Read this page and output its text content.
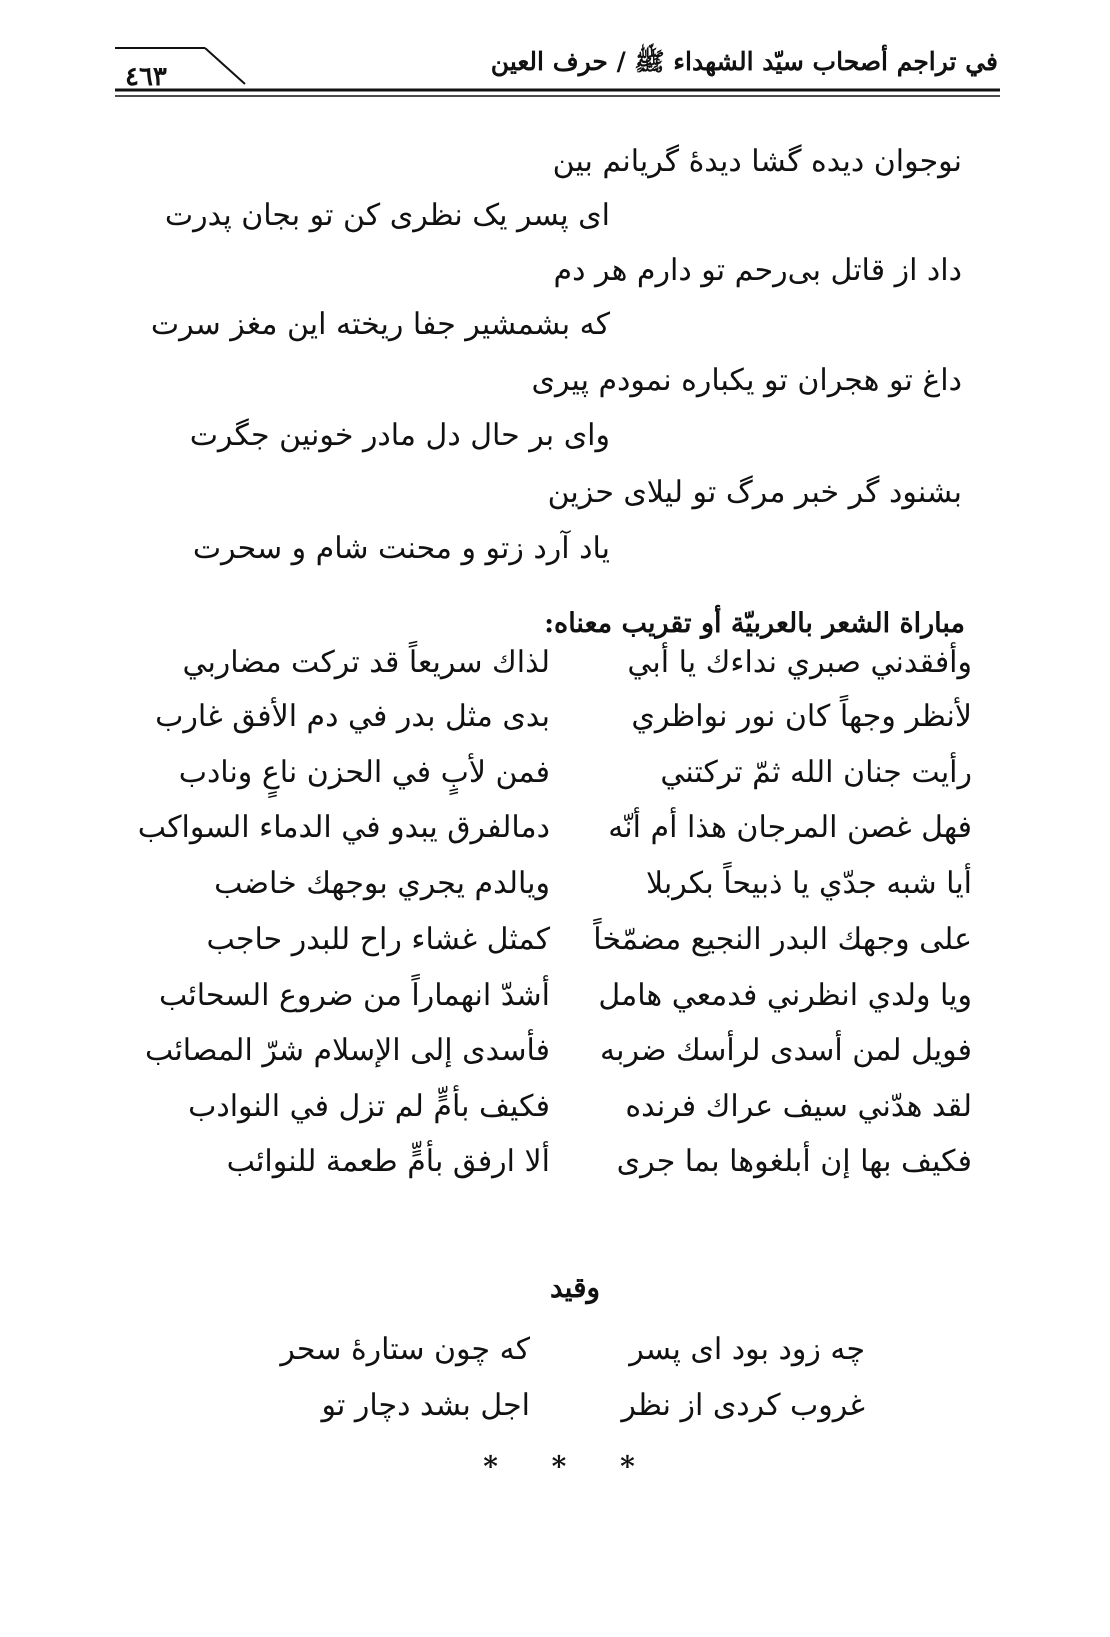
في تراجم أصحاب سيّد الشهداء ﷺ / حرف العين
٤٦٣
نوجوان دیده گشا دیدهٔ گریانم بین
ای پسر یک نظری کن تو بجان پدرت
داد از قاتل بی‌رحم تو دارم هر دم
که بشمشیر جفا ریخته این مغز سرت
داغ تو هجران تو یکباره نمودم پیری
وای بر حال دل مادر خونین جگرت
بشنود گر خبر مرگ تو لیلای حزین
یاد آرد زتو و محنت شام و سحرت
مباراة الشعر بالعربيّة أو تقريب معناه:
وأفقدني صبري نداءك يا أبي
لذاك سريعاً قد تركت مضاربي
لأنظر وجهاً كان نور نواظري
بدى مثل بدر في دم الأفق غارب
رأيت جنان الله ثمّ تركتني
فمن لأبٍ في الحزن ناعٍ ونادب
فهل غصن المرجان هذا أم أنّه
دمالفرق يبدو في الدماء السواكب
أيا شبه جدّي يا ذبيحاً بكربلا
ويالدم يجري بوجهك خاضب
على وجهك البدر النجيع مضمّخاً
كمثل غشاء راح للبدر حاجب
ويا ولدي انظرني فدمعي هامل
أشدّ انهماراً من ضروع السحائب
فويل لمن أسدى لرأسك ضربه
فأسدى إلى الإسلام شرّ المصائب
لقد هدّني سيف عراك فرنده
فكيف بأمٍّ لم تزل في النوادب
فكيف بها إن أبلغوها بما جرى
ألا ارفق بأمٍّ طعمة للنوائب
وقيد
چه زود بود ای پسر
که چون ستارهٔ سحر
غروب کردی از نظر
اجل بشد دچار تو
* * *
